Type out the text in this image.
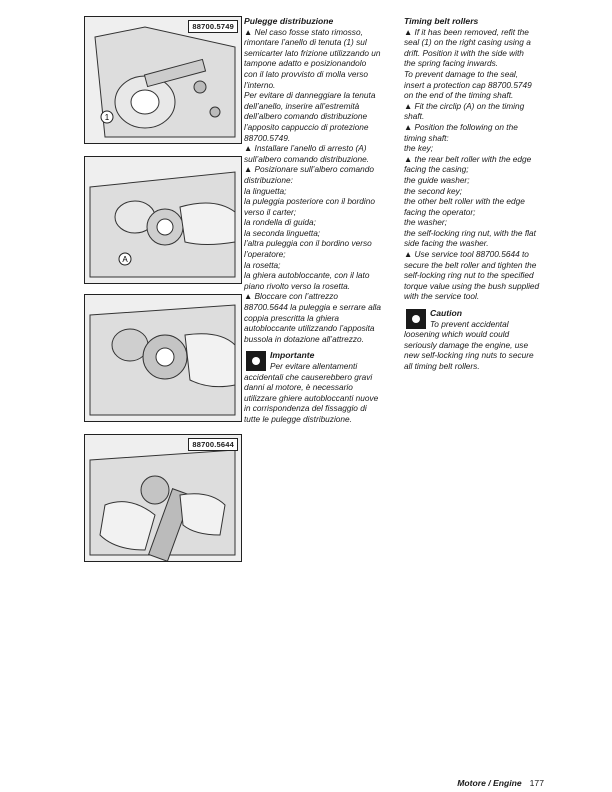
1
88700.5749
A
88700.5644

Pulegge distribuzione

▲ Nel caso fosse stato rimosso,

rimontare l’anello di tenuta (1) sul

semicarter lato frizione utilizzando un

tampone adatto e posizionandolo

con il lato provvisto di molla verso

l’interno.

Per evitare di danneggiare la tenuta

dell’anello, inserire all’estremità

dell’albero comando distribuzione

l’apposito cappuccio di protezione

88700.5749.

▲ Installare l’anello di arresto (A)

sull’albero comando distribuzione.

▲ Posizionare sull’albero comando

distribuzione:

la linguetta;

la puleggia posteriore con il bordino

verso il carter;

la rondella di guida;

la seconda linguetta;

l’altra puleggia con il bordino verso

l’operatore;

la rosetta;

la ghiera autobloccante, con il lato

piano rivolto verso la rosetta.

▲ Bloccare con l’attrezzo

88700.5644 la puleggia e serrare alla

coppia prescritta la ghiera

autobloccante utilizzando l’apposita

bussola in dotazione all’attrezzo.

Importante

Per evitare allentamenti

accidentali che causerebbero gravi

danni al motore, è necessario

utilizzare ghiere autobloccanti nuove

in corrispondenza del fissaggio di

tutte le pulegge distribuzione.

Timing belt rollers

▲ If it has been removed, refit the

seal (1) on the right casing using a

drift. Position it with the side with

the spring facing inwards.

To prevent damage to the seal,

insert a protection cap 88700.5749

on the end of the timing shaft.

▲ Fit the circlip (A) on the timing

shaft.

▲ Position the following on the

timing shaft:

the key;

▲ the rear belt roller with the edge

facing the casing;

the guide washer;

the second key;

the other belt roller with the edge

facing the operator;

the washer;

the self-locking ring nut, with the flat

side facing the washer.

▲ Use service tool 88700.5644 to

secure the belt roller and tighten the

self-locking ring nut to the specified

torque value using the bush supplied

with the service tool.

Caution

To prevent accidental

loosening which would could

seriously damage the engine, use

new self-locking ring nuts to secure

all timing belt rollers.

Motore / Engine 177
